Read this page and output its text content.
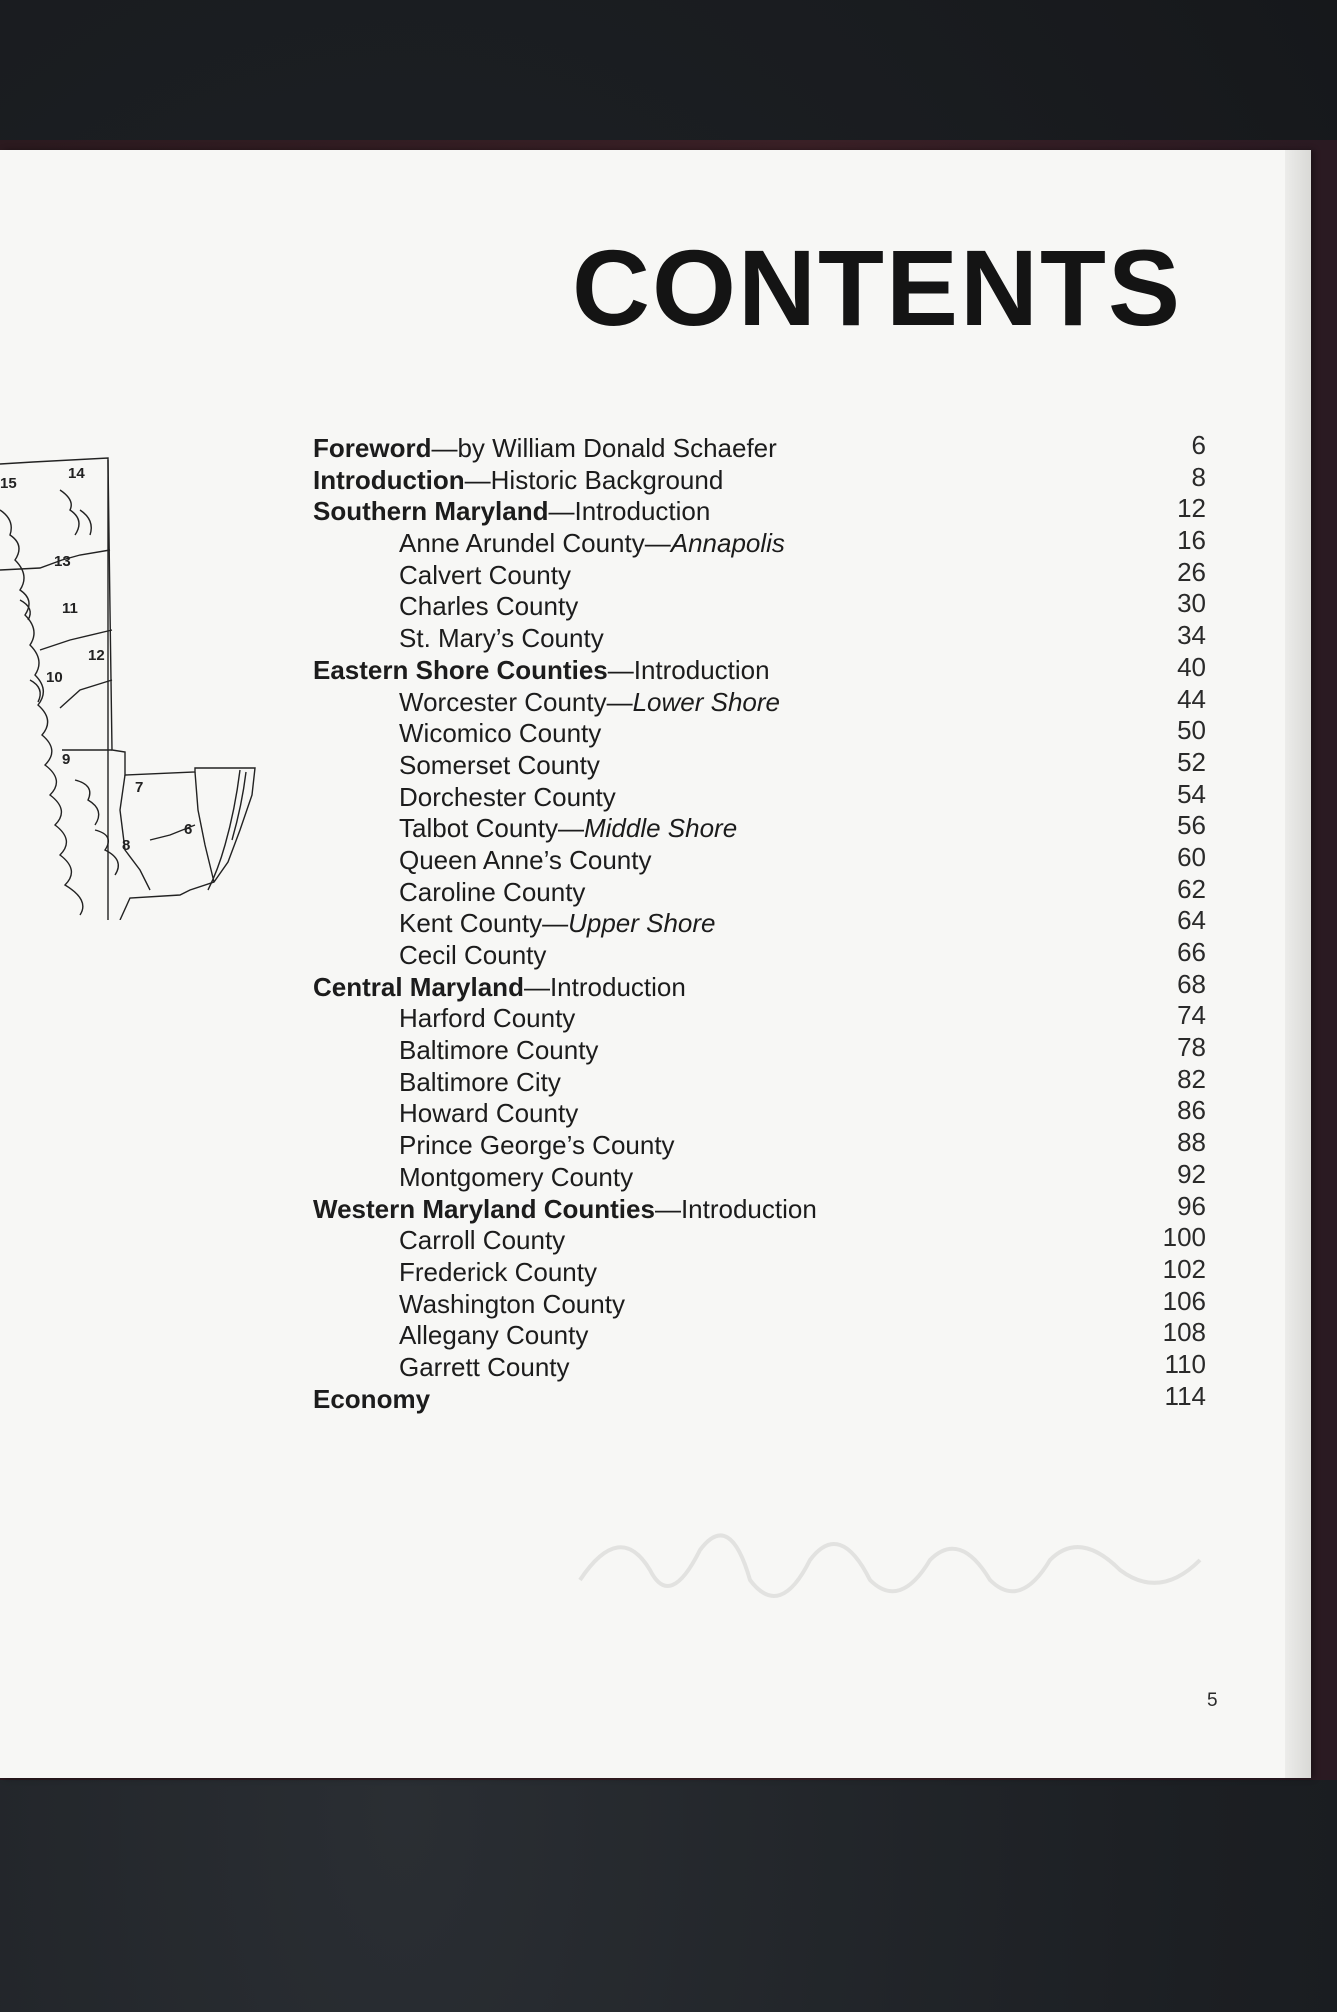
CONTENTS
15
14
13
11
12
10
9
7
6
8
Foreword—by William Donald Schaefer	6
Introduction—Historic Background	8
Southern Maryland—Introduction	12
Anne Arundel County—Annapolis	16
Calvert County	26
Charles County	30
St. Mary’s County	34
Eastern Shore Counties—Introduction	40
Worcester County—Lower Shore	44
Wicomico County	50
Somerset County	52
Dorchester County	54
Talbot County—Middle Shore	56
Queen Anne’s County	60
Caroline County	62
Kent County—Upper Shore	64
Cecil County	66
Central Maryland—Introduction	68
Harford County	74
Baltimore County	78
Baltimore City	82
Howard County	86
Prince George’s County	88
Montgomery County	92
Western Maryland Counties—Introduction	96
Carroll County	100
Frederick County	102
Washington County	106
Allegany County	108
Garrett County	110
Economy	114
5
